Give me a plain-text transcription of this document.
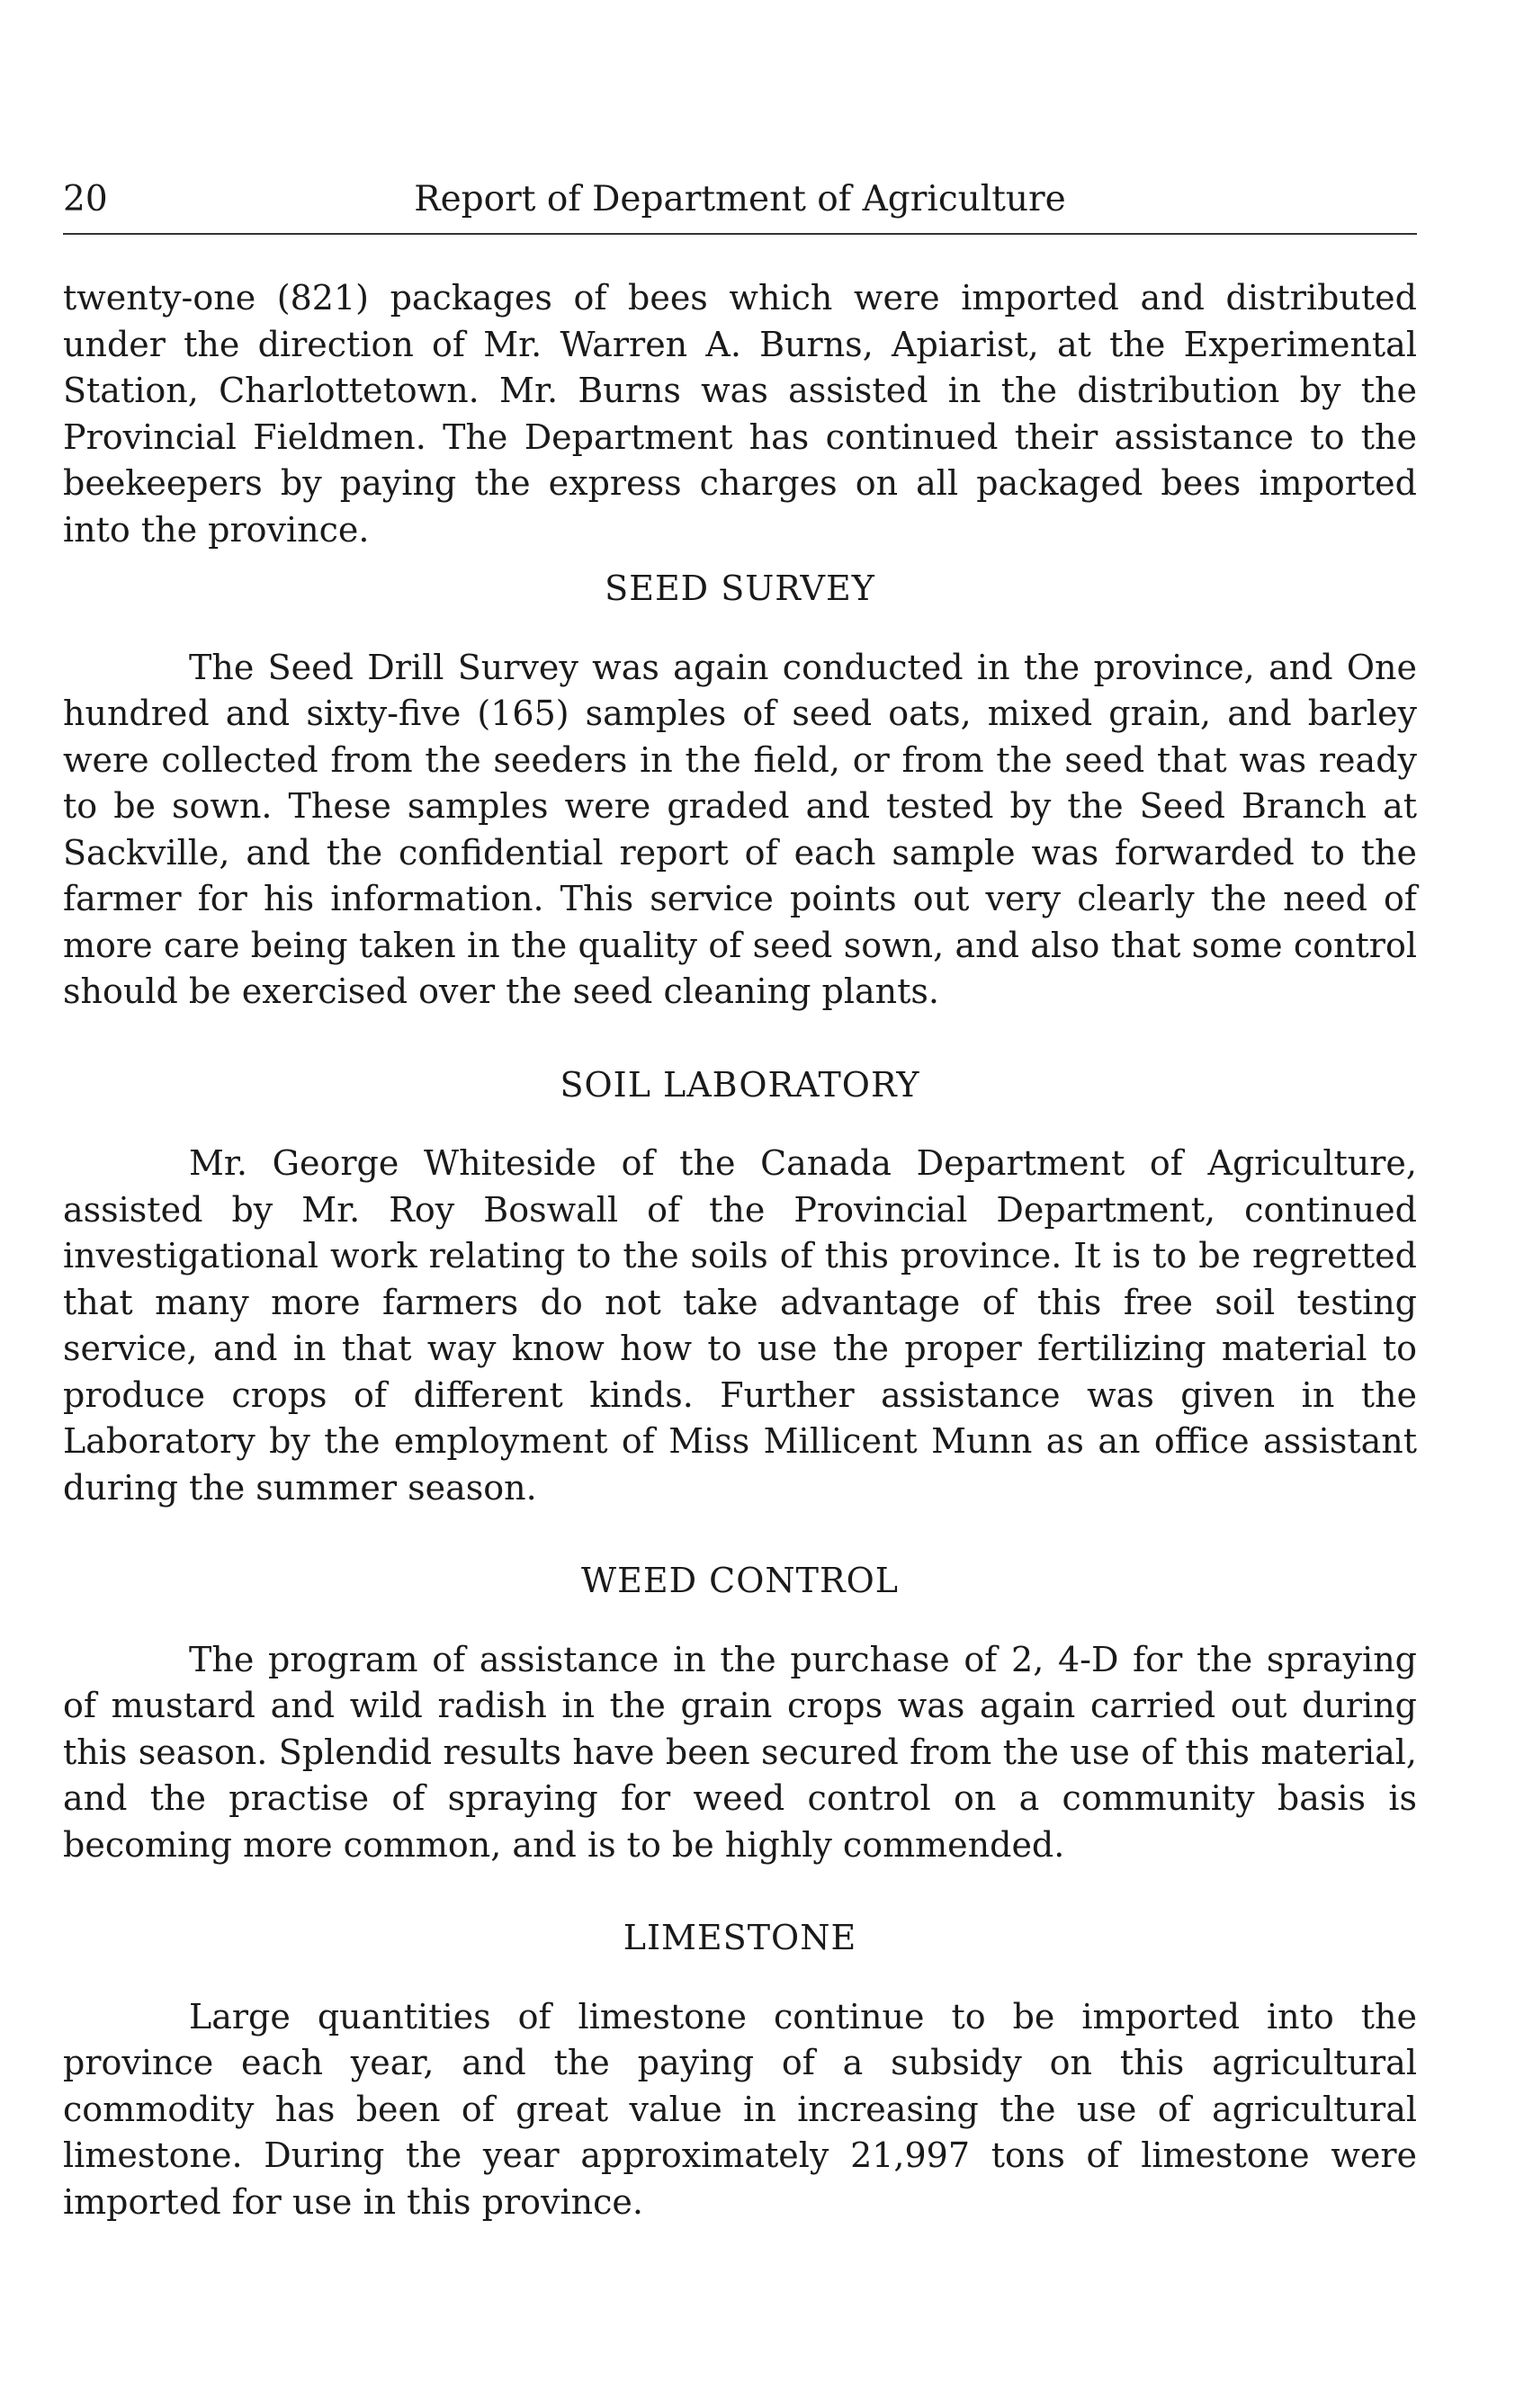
20	Report of Department of Agriculture

twenty-one (821) packages of bees which were imported and distributed under the direction of Mr. Warren A. Burns, Apiarist, at the Experimental Station, Charlottetown. Mr. Burns was assisted in the distribution by the Provincial Fieldmen. The Department has continued their assistance to the beekeepers by paying the express charges on all packaged bees imported into the province.

SEED SURVEY

The Seed Drill Survey was again conducted in the province, and One hundred and sixty-five (165) samples of seed oats, mixed grain, and barley were collected from the seeders in the field, or from the seed that was ready to be sown. These samples were graded and tested by the Seed Branch at Sackville, and the confidential report of each sample was forwarded to the farmer for his information. This service points out very clearly the need of more care being taken in the quality of seed sown, and also that some control should be exercised over the seed cleaning plants.

SOIL LABORATORY

Mr. George Whiteside of the Canada Department of Agriculture, assisted by Mr. Roy Boswall of the Provincial Department, continued investigational work relating to the soils of this province. It is to be regretted that many more farmers do not take advantage of this free soil testing service, and in that way know how to use the proper fertilizing material to produce crops of different kinds. Further assistance was given in the Laboratory by the employment of Miss Millicent Munn as an office assistant during the summer season.

WEED CONTROL

The program of assistance in the purchase of 2, 4-D for the spraying of mustard and wild radish in the grain crops was again carried out during this season. Splendid results have been secured from the use of this material, and the practise of spraying for weed control on a community basis is becoming more common, and is to be highly commended.

LIMESTONE

Large quantities of limestone continue to be imported into the province each year, and the paying of a subsidy on this agricultural commodity has been of great value in increasing the use of agricultural limestone. During the year approximately 21,997 tons of limestone were imported for use in this province.
